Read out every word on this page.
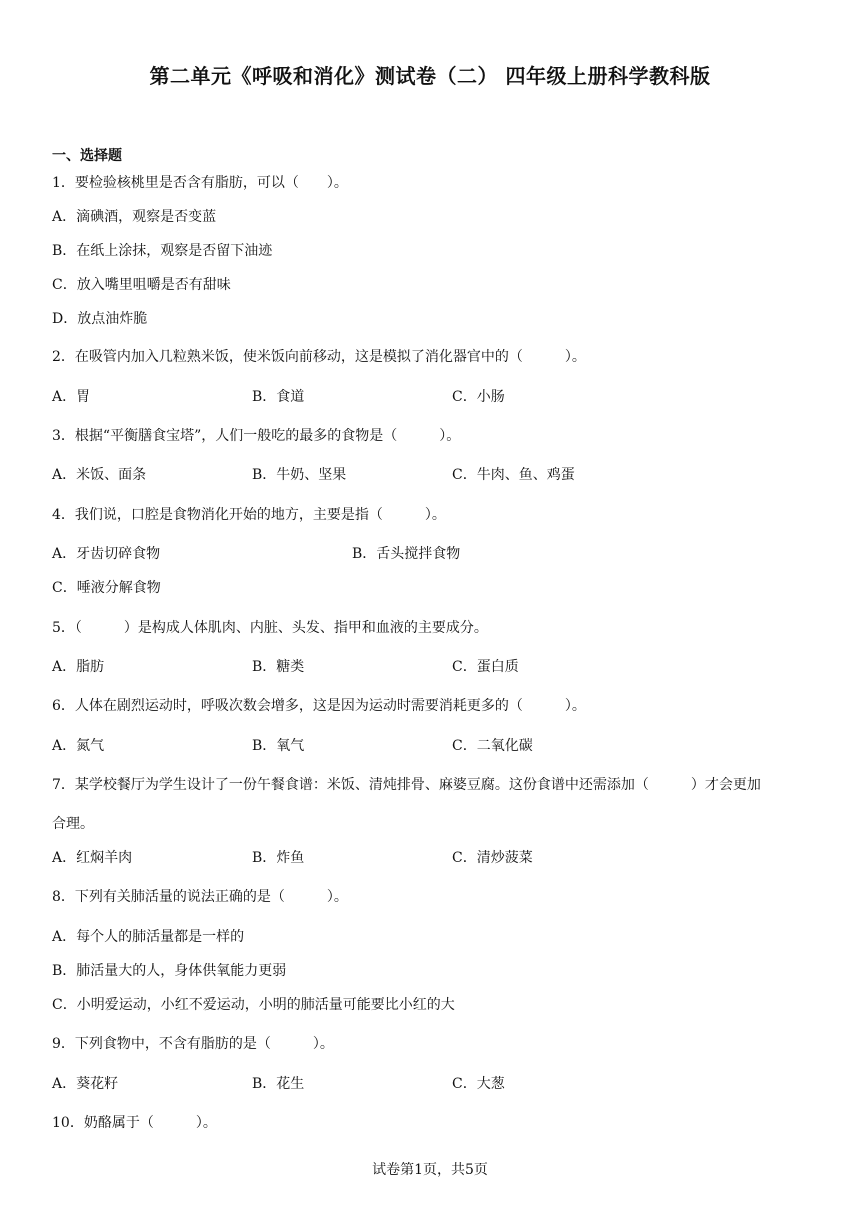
第二单元《呼吸和消化》测试卷（二） 四年级上册科学教科版
一、选择题
1．要检验核桃里是否含有脂肪，可以（　　）。
A．滴碘酒，观察是否变蓝
B．在纸上涂抹，观察是否留下油迹
C．放入嘴里咀嚼是否有甜味
D．放点油炸脆
2．在吸管内加入几粒熟米饭，使米饭向前移动，这是模拟了消化器官中的（　　　）。
A．胃	B．食道	C．小肠
3．根据“平衡膳食宝塔”，人们一般吃的最多的食物是（　　　）。
A．米饭、面条	B．牛奶、坚果	C．牛肉、鱼、鸡蛋
4．我们说，口腔是食物消化开始的地方，主要是指（　　　）。
A．牙齿切碎食物	B．舌头搅拌食物
C．唾液分解食物
5．（　　　）是构成人体肌肉、内脏、头发、指甲和血液的主要成分。
A．脂肪	B．糖类	C．蛋白质
6．人体在剧烈运动时，呼吸次数会增多，这是因为运动时需要消耗更多的（　　　）。
A．氮气	B．氧气	C．二氧化碳
7．某学校餐厅为学生设计了一份午餐食谱：米饭、清炖排骨、麻婆豆腐。这份食谱中还需添加（　　　）才会更加
合理。
A．红焖羊肉	B．炸鱼	C．清炒菠菜
8．下列有关肺活量的说法正确的是（　　　）。
A．每个人的肺活量都是一样的
B．肺活量大的人，身体供氧能力更弱
C．小明爱运动，小红不爱运动，小明的肺活量可能要比小红的大
9．下列食物中，不含有脂肪的是（　　　）。
A．葵花籽	B．花生	C．大葱
10．奶酪属于（　　　）。
试卷第1页，共5页
